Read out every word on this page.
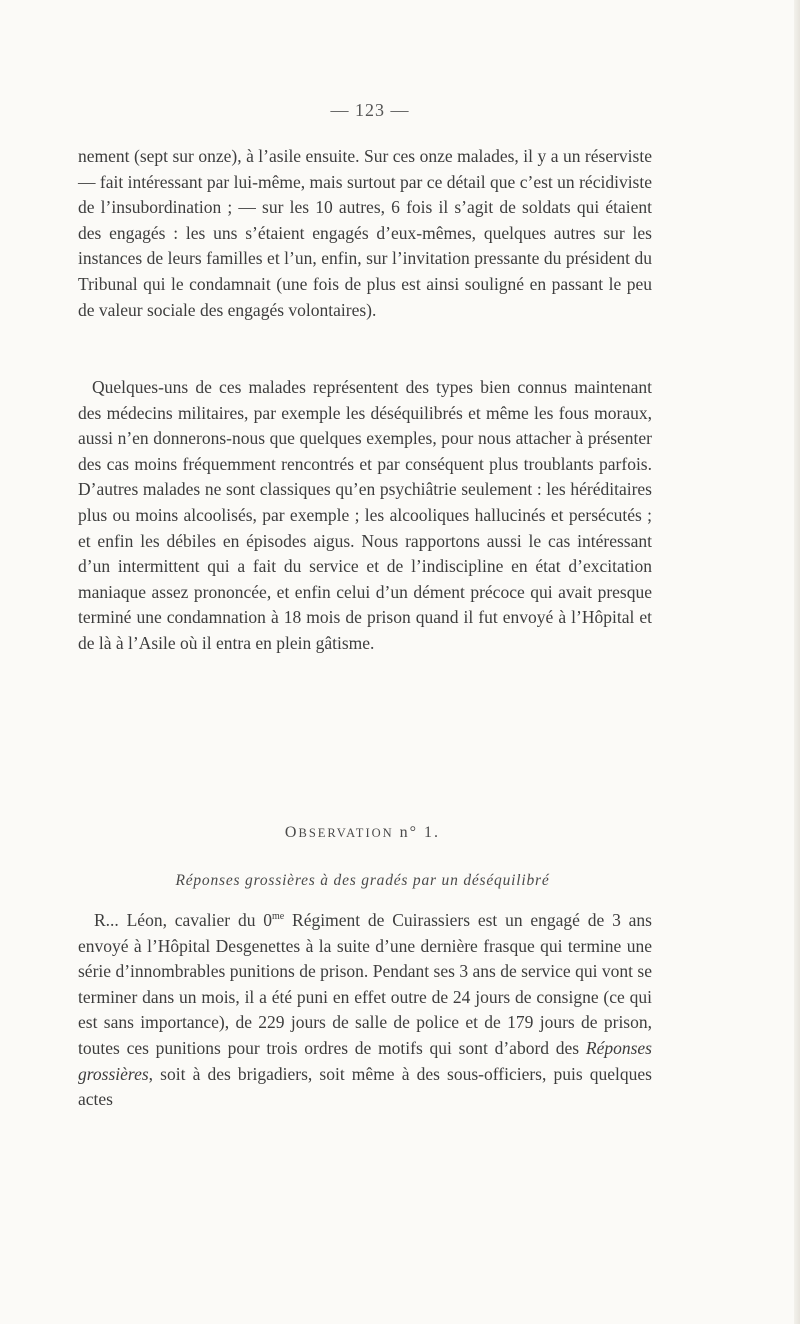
— 123 —

nement (sept sur onze), à l’asile ensuite. Sur ces onze malades, il y a un réserviste — fait intéressant par lui-même, mais surtout par ce détail que c’est un récidiviste de l’insubordination ; — sur les 10 autres, 6 fois il s’agit de soldats qui étaient des engagés : les uns s’étaient engagés d’eux-mêmes, quelques autres sur les instances de leurs familles et l’un, enfin, sur l’invitation pressante du président du Tribunal qui le condamnait (une fois de plus est ainsi souligné en passant le peu de valeur sociale des engagés volontaires).

Quelques-uns de ces malades représentent des types bien connus maintenant des médecins militaires, par exemple les déséquilibrés et même les fous moraux, aussi n’en donnerons-nous que quelques exemples, pour nous attacher à présenter des cas moins fréquemment rencontrés et par conséquent plus troublants parfois. D’autres malades ne sont classiques qu’en psychiâtrie seulement : les héréditaires plus ou moins alcoolisés, par exemple ; les alcooliques hallucinés et persécutés ; et enfin les débiles en épisodes aigus. Nous rapportons aussi le cas intéressant d’un intermittent qui a fait du service et de l’indiscipline en état d’excitation maniaque assez prononcée, et enfin celui d’un dément précoce qui avait presque terminé une condamnation à 18 mois de prison quand il fut envoyé à l’Hôpital et de là à l’Asile où il entra en plein gâtisme.

OBSERVATION n° 1.
Réponses grossières à des gradés par un déséquilibré

R... Léon, cavalier du $0^{me}$ Régiment de Cuirassiers est un engagé de 3 ans envoyé à l’Hôpital Desgenettes à la suite d’une dernière frasque qui termine une série d’innombrables punitions de prison. Pendant ses 3 ans de service qui vont se terminer dans un mois, il a été puni en effet outre de 24 jours de consigne (ce qui est sans importance), de 229 jours de salle de police et de 179 jours de prison, toutes ces punitions pour trois ordres de motifs qui sont d’abord des Réponses grossières, soit à des brigadiers, soit même à des sous-officiers, puis quelques actes
